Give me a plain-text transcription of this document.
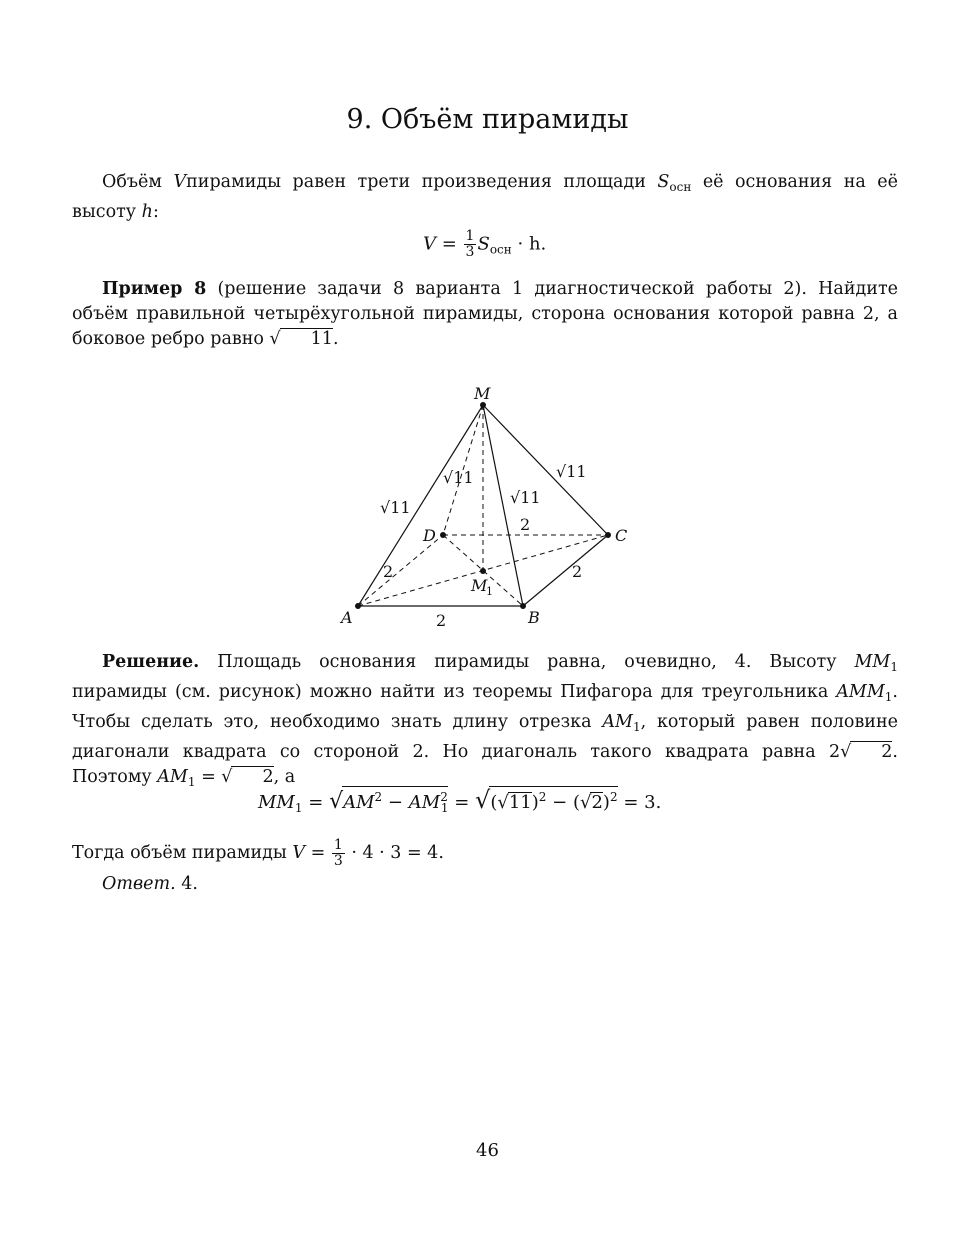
9. Объём пирамиды
Объём Vпирамиды равен трети произведения площади $S_{осн}$ её основания на её высоту h:
$V = \frac{1}{3} S_{осн} \cdot h$.
Пример 8 (решение задачи 8 варианта 1 диагностической работы 2). Найдите объём правильной четырёхугольной пирамиды, сторона основания которой равна 2, а боковое ребро равно √ 11.
M
A	B
C
D
M
1
√11
√11
√11
√11
2
2	2
2
Решение. Площадь основания пирамиды равна, очевидно, 4. Высоту $MM_1$ пирамиды (см. рисунок) можно найти из теоремы Пифагора для треугольника $AMM_1$. Чтобы сделать это, необходимо знать длину отрезка $AM_1$, который равен половине диагонали квадрата со стороной 2. Но диагональ такого квадрата равна 2√ 2. Поэтому $AM_1$ = √ 2, а
$MM_1 = √AM^2 - AM^2_1 = √(√11)^2 - (√2)^2 = 3$.
Тогда объём пирамиды $V = \frac{1}{3} \cdot 4 \cdot 3 = 4$.
Ответ. 4.
46
